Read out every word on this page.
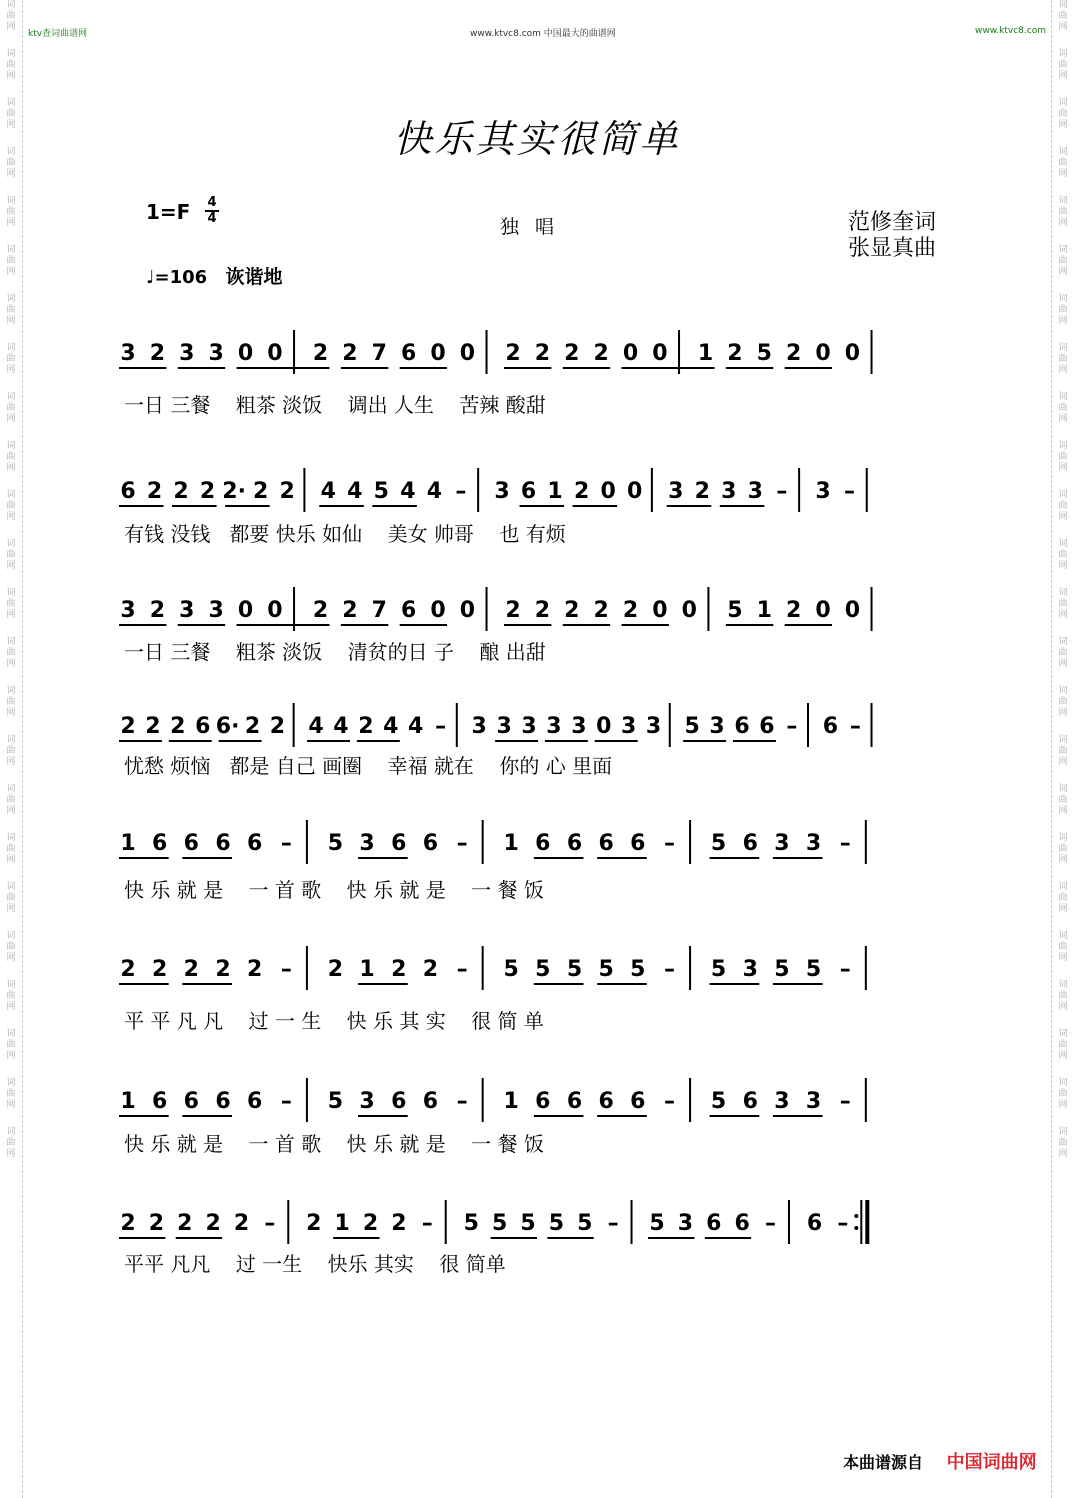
词曲网
词曲网
词曲网
词曲网
词曲网
词曲网
词曲网
词曲网
词曲网
词曲网
词曲网
词曲网
词曲网
词曲网
词曲网
词曲网
词曲网
词曲网
词曲网
词曲网
词曲网
词曲网
词曲网
词曲网
词曲网
词曲网
词曲网
词曲网
词曲网
词曲网
词曲网
词曲网
词曲网
词曲网
词曲网
词曲网
词曲网
词曲网
词曲网
词曲网
词曲网
词曲网
词曲网
词曲网
词曲网
词曲网
词曲网
词曲网
ktv查词曲谱网	www.ktvc8.com 中国最大的曲谱网	www.ktvc8.com
快乐其实很简单
1=F 4
4	独唱	范修奎词
张显真曲
♩=106 诙谐地
3 2 3 3 0 0 2 2 7 6 0 0 2 2 2 2 0 0 1 2 5 2 0 0
一日 三餐    粗茶 淡饭    调出 人生    苦辣 酸甜
6 2 2 2 2· 2 2 4 4 5 4 4 – 3 6 1 2 0 0 3 2 3 3 – 3 –
有钱 没钱   都要 快乐 如仙    美女 帅哥    也 有烦
3 2 3 3 0 0 2 2 7 6 0 0 2 2 2 2 2 0 0 5 1 2 0 0
一日 三餐    粗茶 淡饭    清贫的日 子    酿 出甜
2 2 2 6 6· 2 2 4 4 2 4 4 – 3 3 3 3 3 0 3 3 5 3 6 6 – 6 –
忧愁 烦恼   都是 自己 画圈    幸福 就在    你的 心 里面
1 6 6 6 6 – 5 3 6 6 – 1 6 6 6 6 – 5 6 3 3 –
快 乐 就 是    一 首 歌    快 乐 就 是    一 餐 饭
2 2 2 2 2 – 2 1 2 2 – 5 5 5 5 5 – 5 3 5 5 –
平 平 凡 凡    过 一 生    快 乐 其 实    很 简 单
1 6 6 6 6 – 5 3 6 6 – 1 6 6 6 6 – 5 6 3 3 –
快 乐 就 是    一 首 歌    快 乐 就 是    一 餐 饭
2 2 2 2 2 – 2 1 2 2 – 5 5 5 5 5 – 5 3 6 6 – 6 –
平平 凡凡    过 一生    快乐 其实    很 简单
本曲谱源自 中国词曲网
